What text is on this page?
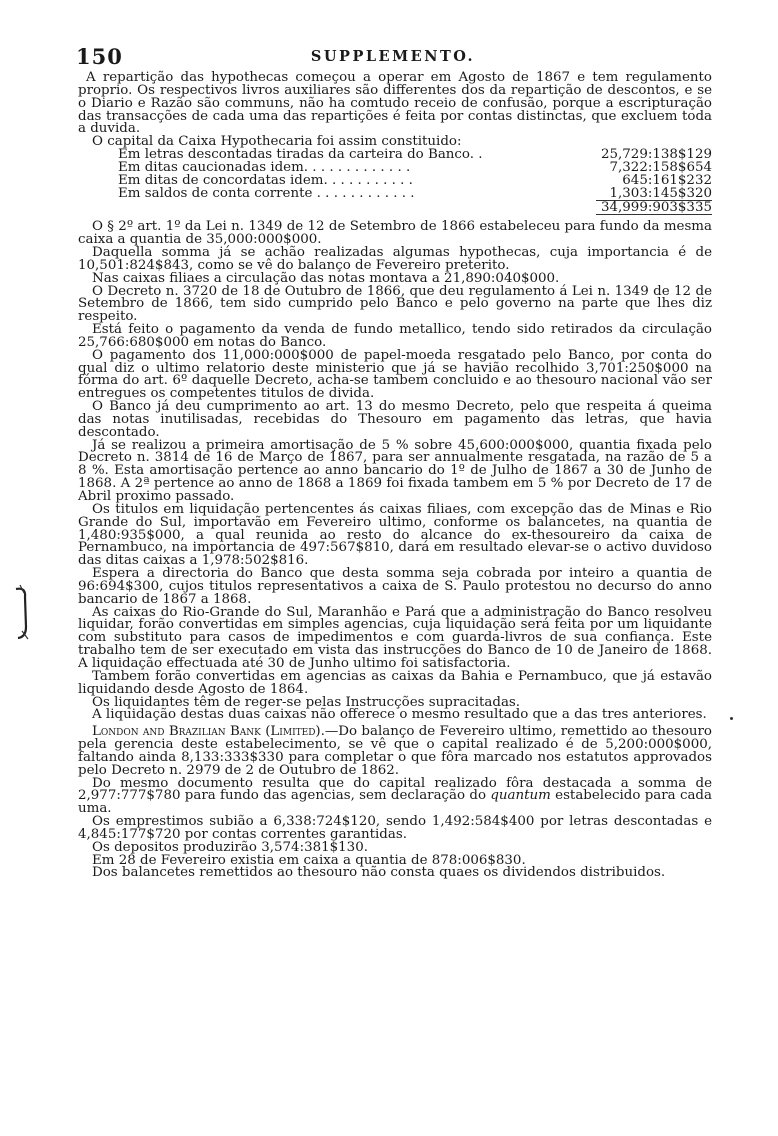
150	SUPPLEMENTO.

A repartição das hypothecas começou a operar em Agosto de 1867 e tem regulamento proprio. Os respectivos livros auxiliares são differentes dos da repartição de descontos, e se o Diario e Razão são communs, não ha comtudo receio de confusão, porque a escripturação das transacções de cada uma das repartições é feita por contas distinctas, que excluem toda a duvida.

O capital da Caixa Hypothecaria foi assim constituido:

Em letras descontadas tiradas da carteira do Banco. .	25,729:138$129
Em ditas caucionadas idem. . . . . . . . . . . . .	7,322:158$654
Em ditas de concordatas idem. . . . . . . . . . .	645:161$232
Em saldos de conta corrente . . . . . . . . . . . .	1,303:145$320
34,999:903$335

O § 2º art. 1º da Lei n. 1349 de 12 de Setembro de 1866 estabeleceu para fundo da mesma caixa a quantia de 35,000:000$000.

Daquella somma já se achão realizadas algumas hypothecas, cuja importancia é de 10,501:824$843, como se vê do balanço de Fevereiro preterito.

Nas caixas filiaes a circulação das notas montava a 21,890:040$000.

O Decreto n. 3720 de 18 de Outubro de 1866, que deu regulamento á Lei n. 1349 de 12 de Setembro de 1866, tem sido cumprido pelo Banco e pelo governo na parte que lhes diz respeito.

Está feito o pagamento da venda de fundo metallico, tendo sido retirados da circulação 25,766:680$000 em notas do Banco.

O pagamento dos 11,000:000$000 de papel-moeda resgatado pelo Banco, por conta do qual diz o ultimo relatorio deste ministerio que já se havião recolhido 3,701:250$000 na fórma do art. 6º daquelle Decreto, acha-se tambem concluido e ao thesouro nacional vão ser entregues os competentes titulos de divida.

O Banco já deu cumprimento ao art. 13 do mesmo Decreto, pelo que respeita á queima das notas inutilisadas, recebidas do Thesouro em pagamento das letras, que havia descontado.

Já se realizou a primeira amortisação de 5 % sobre 45,600:000$000, quantia fixada pelo Decreto n. 3814 de 16 de Março de 1867, para ser annualmente resgatada, na razão de 5 a 8 %. Esta amortisação pertence ao anno bancario do 1º de Julho de 1867 a 30 de Junho de 1868. A 2ª pertence ao anno de 1868 a 1869 foi fixada tambem em 5 % por Decreto de 17 de Abril proximo passado.

Os titulos em liquidação pertencentes ás caixas filiaes, com excepção das de Minas e Rio Grande do Sul, importavão em Fevereiro ultimo, conforme os balancetes, na quantia de 1,480:935$000, a qual reunida ao resto do alcance do ex-thesoureiro da caixa de Pernambuco, na importancia de 497:567$810, dará em resultado elevar-se o activo duvidoso das ditas caixas a 1,978:502$816.

Espera a directoria do Banco que desta somma seja cobrada por inteiro a quantia de 96:694$300, cujos titulos representativos a caixa de S. Paulo protestou no decurso do anno bancario de 1867 a 1868.

As caixas do Rio-Grande do Sul, Maranhão e Pará que a administração do Banco resolveu liquidar, forão convertidas em simples agencias, cuja liquidação será feita por um liquidante com substituto para casos de impedimentos e com guarda-livros de sua confiança. Este trabalho tem de ser executado em vista das instrucções do Banco de 10 de Janeiro de 1868. A liquidação effectuada até 30 de Junho ultimo foi satisfactoria.

Tambem forão convertidas em agencias as caixas da Bahia e Pernambuco, que já estavão liquidando desde Agosto de 1864.

Os liquidantes têm de reger-se pelas Instrucções supracitadas.

A liquidação destas duas caixas não offerece o mesmo resultado que a das tres anteriores.

London and Brazilian Bank (Limited).—Do balanço de Fevereiro ultimo, remettido ao thesouro pela gerencia deste estabelecimento, se vê que o capital realizado é de 5,200:000$000, faltando ainda 8,133:333$330 para completar o que fôra marcado nos estatutos approvados pelo Decreto n. 2979 de 2 de Outubro de 1862.

Do mesmo documento resulta que do capital realizado fôra destacada a somma de 2,977:777$780 para fundo das agencias, sem declaração do quantum estabelecido para cada uma.

Os emprestimos subião a 6,338:724$120, sendo 1,492:584$400 por letras descontadas e 4,845:177$720 por contas correntes garantidas.

Os depositos produzirão 3,574:381$130.

Em 28 de Fevereiro existia em caixa a quantia de 878:006$830.

Dos balancetes remettidos ao thesouro não consta quaes os dividendos distribuidos.
